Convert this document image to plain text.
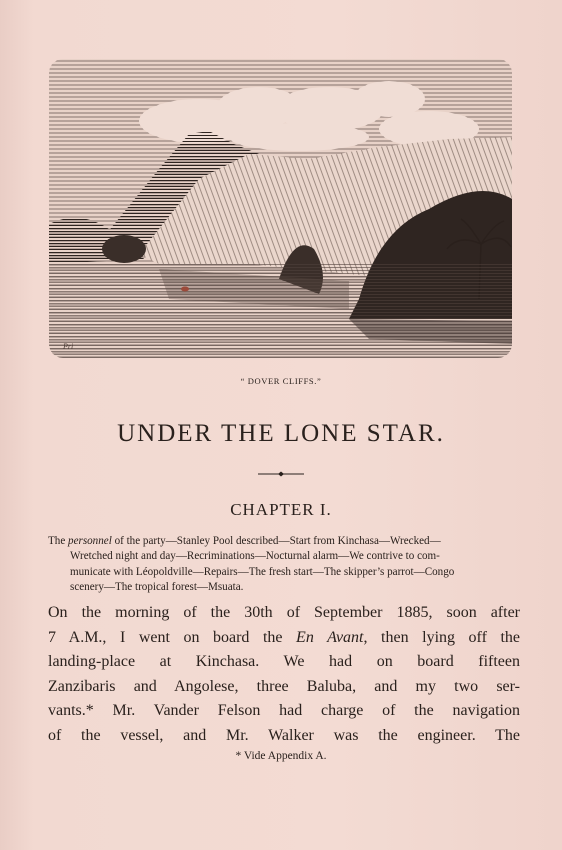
Pri
“ DOVER CLIFFS.”
UNDER THE LONE STAR.
CHAPTER I.
The personnel of the party—Stanley Pool described—Start from Kinchasa—Wrecked—
Wretched night and day—Recriminations—Nocturnal alarm—We contrive to com-
municate with Léopoldville—Repairs—The fresh start—The skipper’s parrot—Congo
scenery—The tropical forest—Msuata.
On the morning of the 30th of September 1885, soon after
7 A.M., I went on board the En Avant, then lying off the
landing-place at Kinchasa. We had on board fifteen
Zanzibaris and Angolese, three Baluba, and my two ser-
vants.* Mr. Vander Felson had charge of the navigation
of the vessel, and Mr. Walker was the engineer. The
* Vide Appendix A.
